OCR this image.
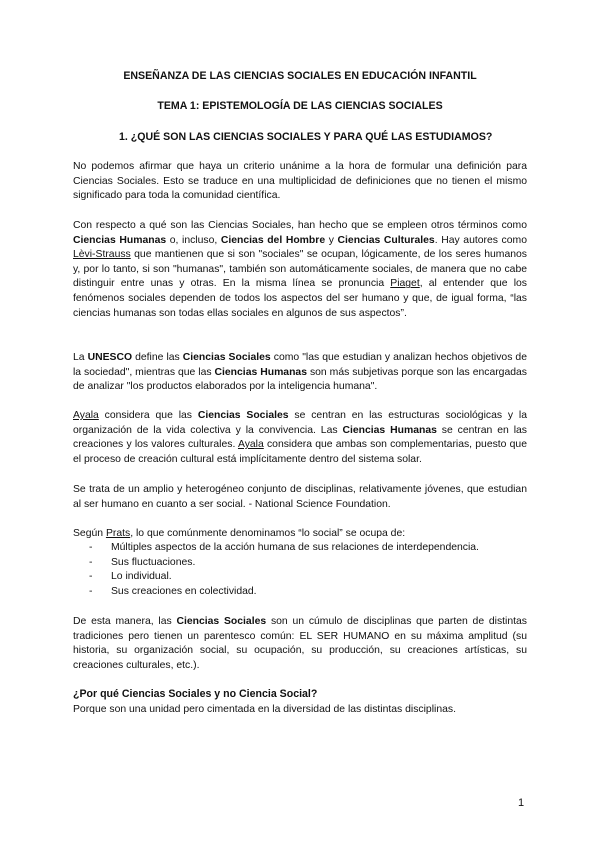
ENSEÑANZA DE LAS CIENCIAS SOCIALES EN EDUCACIÓN INFANTIL
TEMA 1: EPISTEMOLOGÍA DE LAS CIENCIAS SOCIALES
1. ¿QUÉ SON LAS CIENCIAS SOCIALES Y PARA QUÉ LAS ESTUDIAMOS?
No podemos afirmar que haya un criterio unánime a la hora de formular una definición para Ciencias Sociales. Esto se traduce en una multiplicidad de definiciones que no tienen el mismo significado para toda la comunidad científica.
Con respecto a qué son las Ciencias Sociales, han hecho que se empleen otros términos como Ciencias Humanas o, incluso, Ciencias del Hombre y Ciencias Culturales. Hay autores como Lèvi-Strauss que mantienen que si son "sociales" se ocupan, lógicamente, de los seres humanos y, por lo tanto, si son "humanas", también son automáticamente sociales, de manera que no cabe distinguir entre unas y otras. En la misma línea se pronuncia Piaget, al entender que los fenómenos sociales dependen de todos los aspectos del ser humano y que, de igual forma, “las ciencias humanas son todas ellas sociales en algunos de sus aspectos”.
La UNESCO define las Ciencias Sociales como "las que estudian y analizan hechos objetivos de la sociedad", mientras que las Ciencias Humanas son más subjetivas porque son las encargadas de analizar "los productos elaborados por la inteligencia humana".
Ayala considera que las Ciencias Sociales se centran en las estructuras sociológicas y la organización de la vida colectiva y la convivencia. Las Ciencias Humanas se centran en las creaciones y los valores culturales. Ayala considera que ambas son complementarias, puesto que el proceso de creación cultural está implícitamente dentro del sistema solar.
Se trata de un amplio y heterogéneo conjunto de disciplinas, relativamente jóvenes, que estudian al ser humano en cuanto a ser social. - National Science Foundation.
Según Prats, lo que comúnmente denominamos “lo social” se ocupa de:
- Múltiples aspectos de la acción humana de sus relaciones de interdependencia.
- Sus fluctuaciones.
- Lo individual.
- Sus creaciones en colectividad.
De esta manera, las Ciencias Sociales son un cúmulo de disciplinas que parten de distintas tradiciones pero tienen un parentesco común: EL SER HUMANO en su máxima amplitud (su historia, su organización social, su ocupación, su producción, su creaciones artísticas, su creaciones culturales, etc.).
¿Por qué Ciencias Sociales y no Ciencia Social?
Porque son una unidad pero cimentada en la diversidad de las distintas disciplinas.
1
